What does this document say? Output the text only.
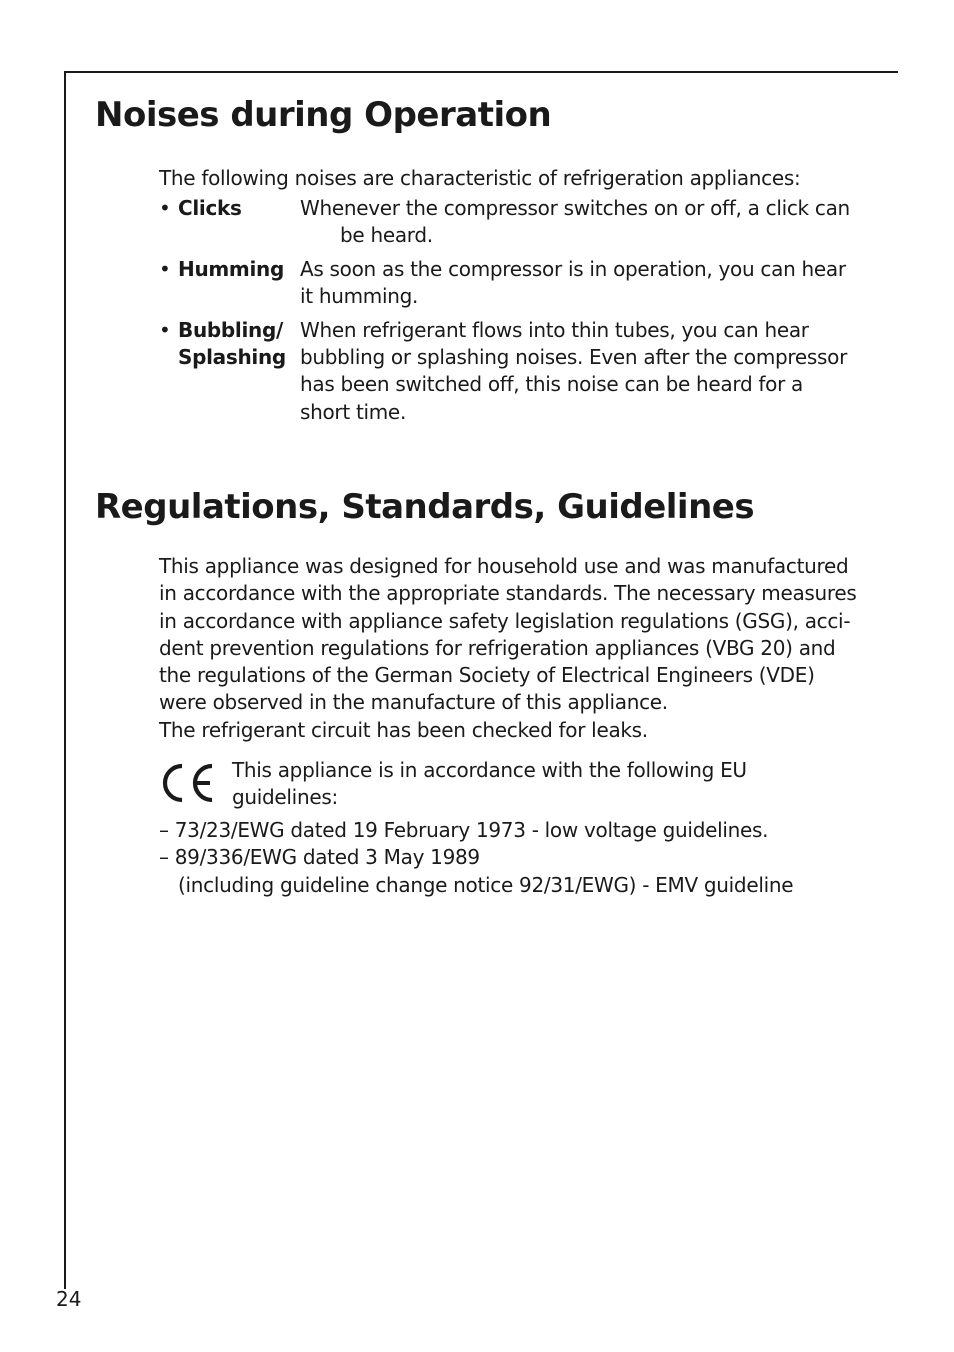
Noises during Operation
The following noises are characteristic of refrigeration appliances:
• Clicks	Whenever the compressor switches on or off, a click can
be heard.
• Humming As soon as the compressor is in operation, you can hear
it humming.
• Bubbling/
Splashing
When refrigerant flows into thin tubes, you can hear
bubbling or splashing noises. Even after the compressor
has been switched off, this noise can be heard for a
short time.
Regulations, Standards, Guidelines
This appliance was designed for household use and was manufactured
in accordance with the appropriate standards. The necessary measures
in accordance with appliance safety legislation regulations (GSG), acci-
dent prevention regulations for refrigeration appliances (VBG 20) and
the regulations of the German Society of Electrical Engineers (VDE)
were observed in the manufacture of this appliance.
The refrigerant circuit has been checked for leaks.
This appliance is in accordance with the following EU
guidelines:
– 73/23/EWG dated 19 February 1973 - low voltage guidelines.
– 89/336/EWG dated 3 May 1989
(including guideline change notice 92/31/EWG) - EMV guideline
24
